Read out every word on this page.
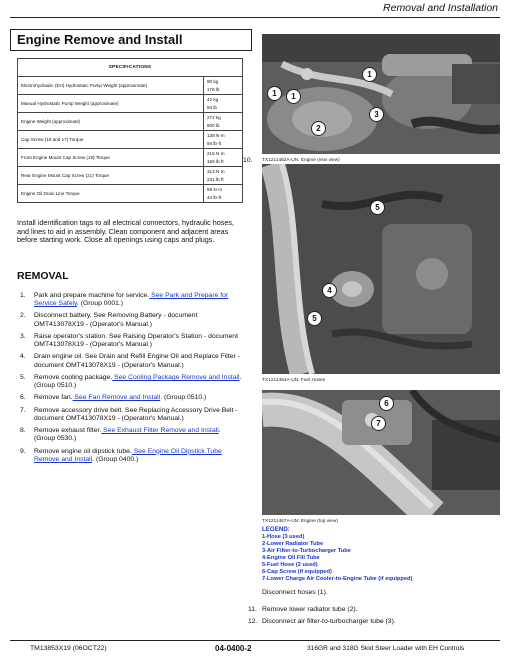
Removal and Installation
Engine Remove and Install
SPECIFICATIONS	
Electrohydraulic (EH) Hydrostatic Pump Weight (approximate)	80 kg
176 lb
Manual Hydrostatic Pump Weight (approximate)	42 kg
93 lb
Engine Weight (approximate)	272 kg
600 lb
Cap Screw (16 and 17) Torque	128 N·m
94 lb·ft
Front Engine Mount Cap Screw (18) Torque	216 N·m
159 lb·ft
Rear Engine Mount Cap Screw (21) Torque	313 N·m
231 lb·ft
Engine Oil Drain Line Torque	59 N·m
44 lb·ft
Install identification tags to all electrical connectors, hydraulic hoses, and lines to aid in assembly. Clean component and adjacent areas before starting work. Close all openings using caps and plugs.
REMOVAL
1. Park and prepare machine for service. See Park and Prepare for Service Safely. (Group 0001.)
2. Disconnect battery. See Removing Battery - document OMT413078X19 - (Operator's Manual.)
3. Raise operator's station. See Raising Operator's Station - document OMT413078X19 - (Operator's Manual.)
4. Drain engine oil. See Drain and Refill Engine Oil and Replace Filter - document OMT413078X19 - (Operator's Manual.)
5. Remove cooling package. See Cooling Package Remove and Install. (Group 0510.)
6. Remove fan. See Fan Remove and Install. (Group 0510.)
7. Remove accessory drive belt. See Replacing Accessory Drive Belt - document OMT413078X19 - (Operator's Manual.)
8. Remove exhaust filter. See Exhaust Filter Remove and Install. (Group 0530.)
9. Remove engine oil dipstick tube. See Engine Oil Dipstick Tube Remove and Install. (Group 0400.)
10.
1
1	1
2
3
TX1211462A-UN: Engine (rear view)
5
4
5
TX1211464A-UN: Fuel Hoses
6
7
TX1211467A-UN: Engine (top view)
LEGEND:
1-Hose (3 used)
2-Lower Radiator Tube
3-Air Filter-to-Turbocharger Tube
4-Engine Oil Fill Tube
5-Fuel Hose (2 used)
6-Cap Screw (if equipped)
7-Lower Charge Air Cooler-to-Engine Tube (if equipped)
Disconnect hoses (1).
11. Remove lower radiator tube (2).
12. Disconnect air filter-to-turbocharger tube (3).
TM13853X19 (06OCT22)	04-0400-2	316GR and 318G Skid Steer Loader with EH Controls
